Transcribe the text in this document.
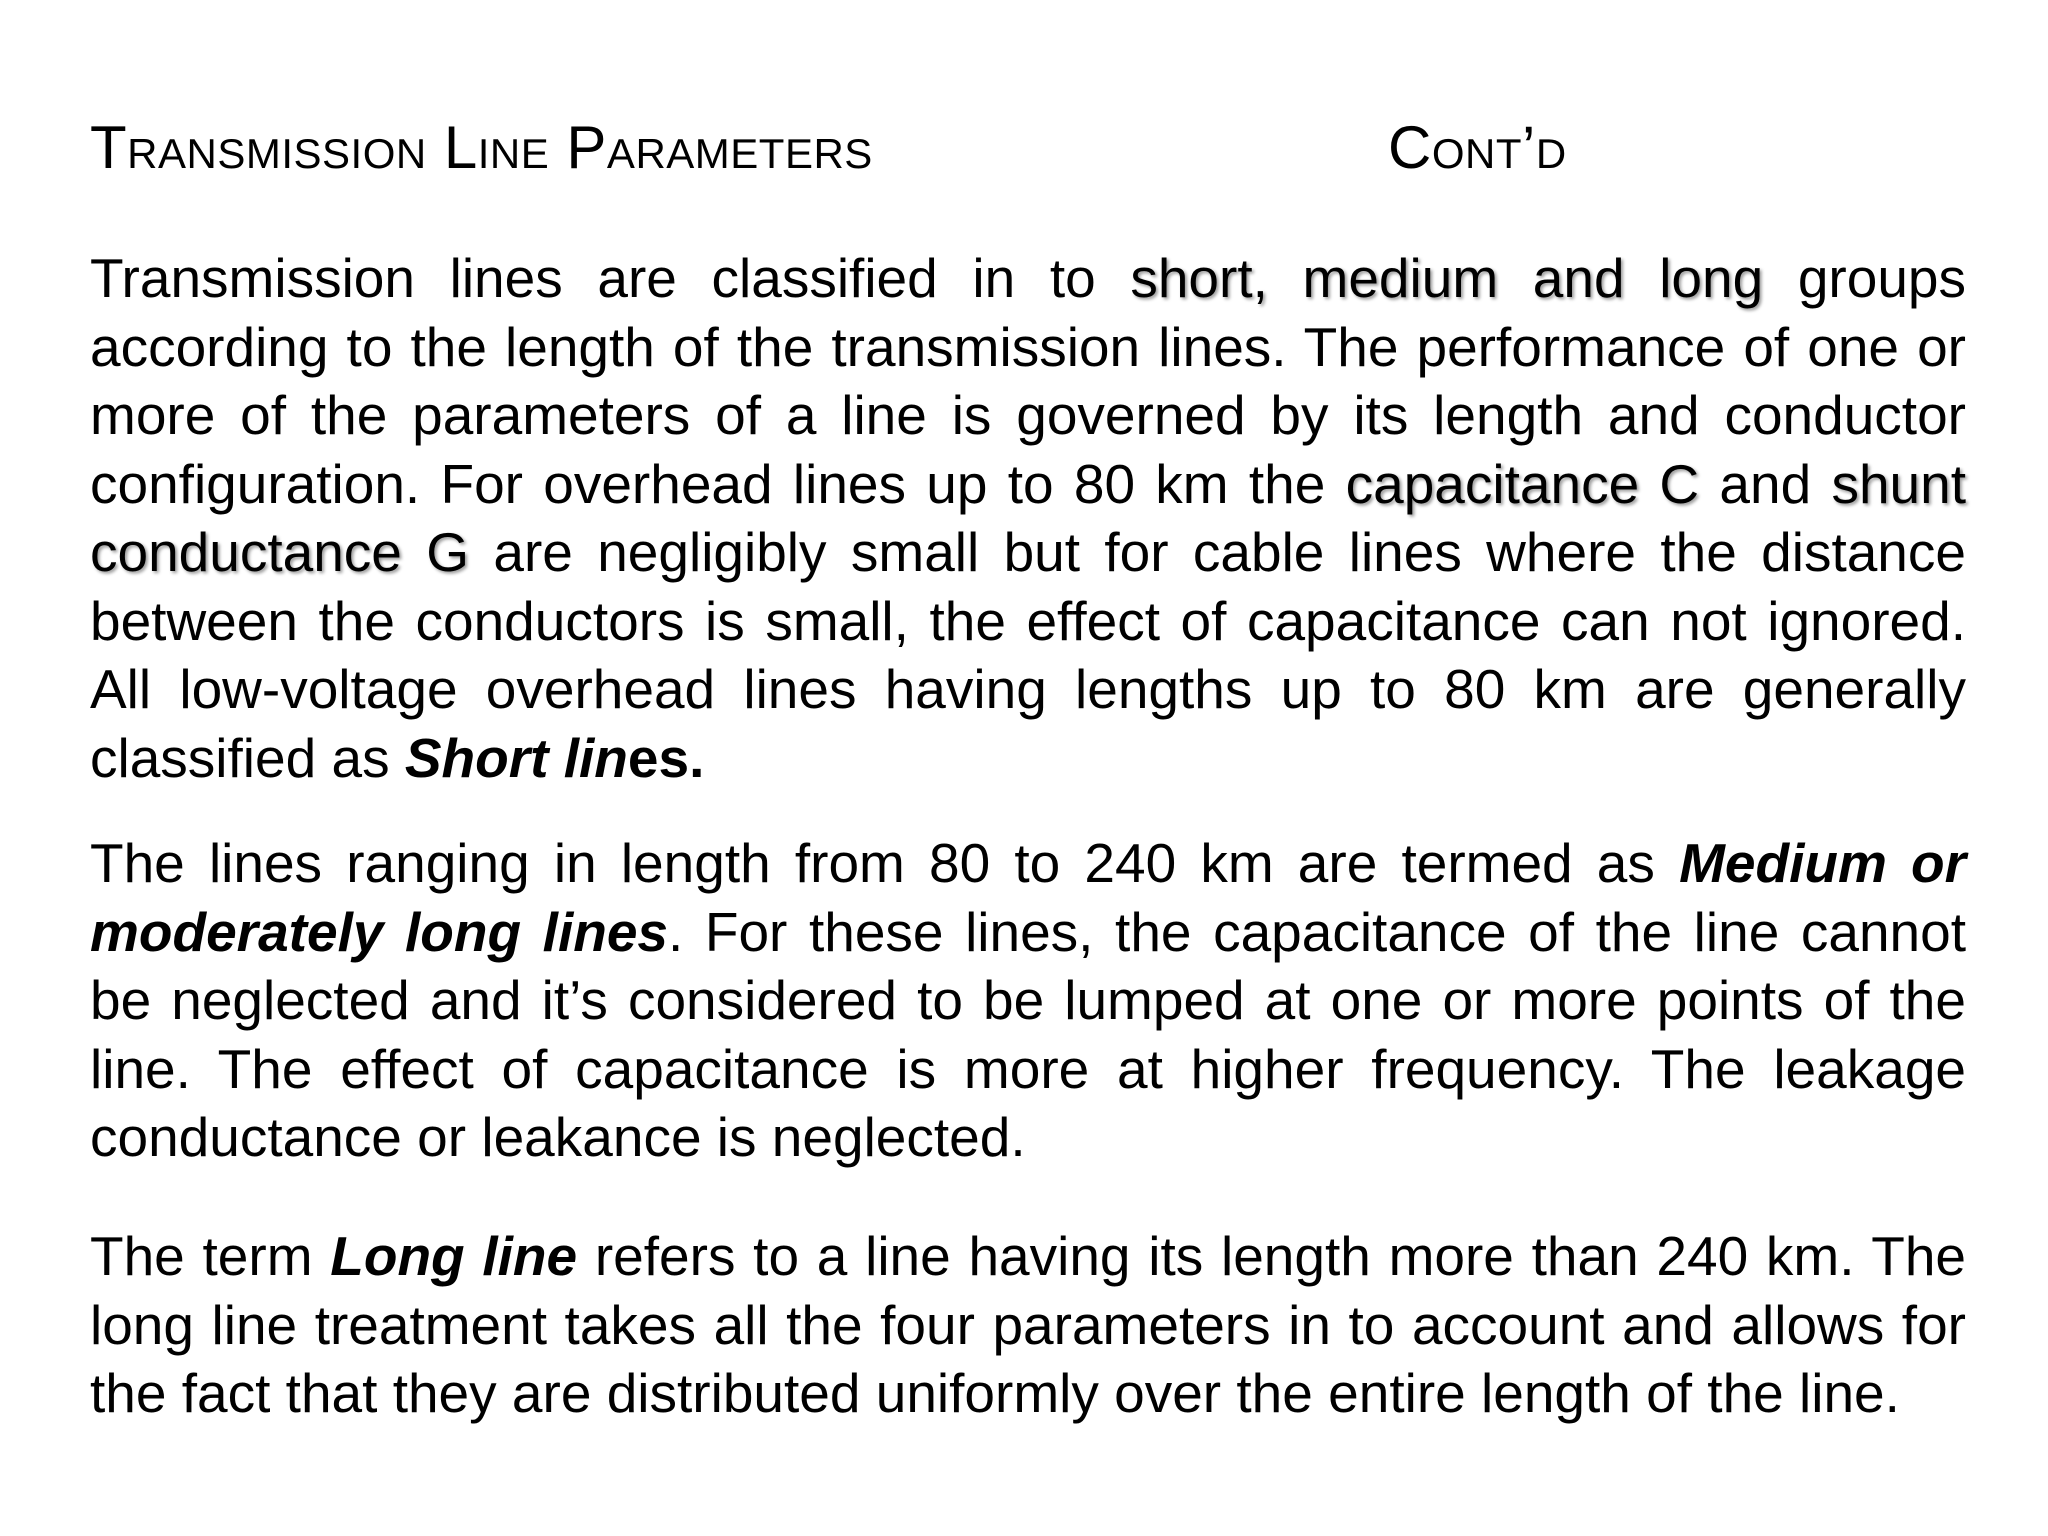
Transmission Line Parameters	Cont’d

Transmission lines are classified in to short, medium and long groups according to the length of the transmission lines. The performance of one or more of the parameters of a line is governed by its length and conductor configuration. For overhead lines up to 80 km the capacitance C and shunt conductance G are negligibly small but for cable lines where the distance between the conductors is small, the effect of capacitance can not ignored. All low-voltage overhead lines having lengths up to 80 km are generally classified as Short lines.

The lines ranging in length from 80 to 240 km are termed as Medium or moderately long lines. For these lines, the capacitance of the line cannot be neglected and it’s considered to be lumped at one or more points of the line. The effect of capacitance is more at higher frequency. The leakage conductance or leakance is neglected.

The term Long line refers to a line having its length more than 240 km. The long line treatment takes all the four parameters in to account and allows for the fact that they are distributed uniformly over the entire length of the line.
